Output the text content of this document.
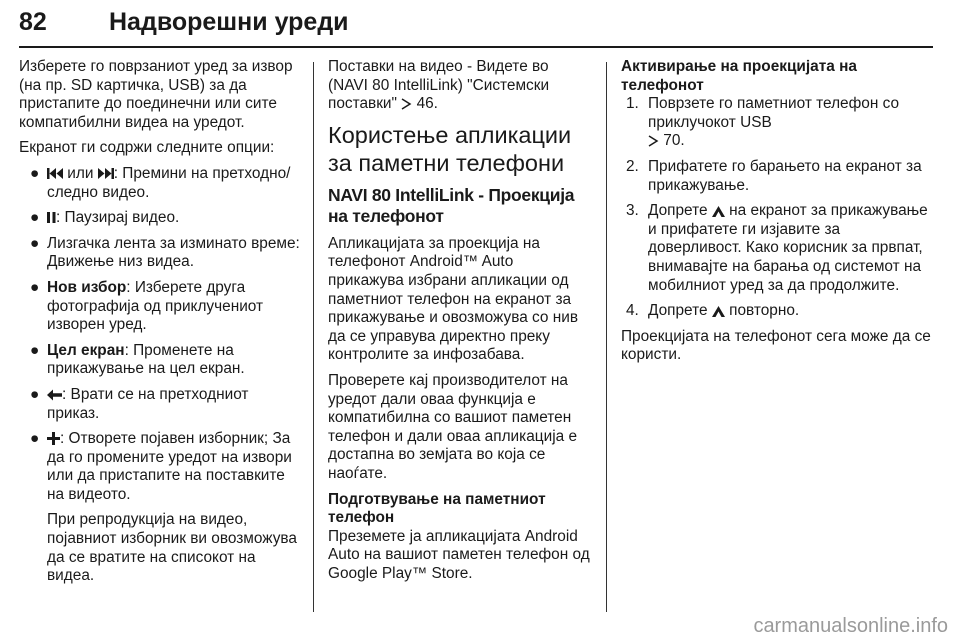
82 Надворешни уреди

Изберете го поврзаниот уред за извор (на пр. SD картичка, USB) за да пристапите до поединечни или сите компатибилни видеа на уредот.

Екранот ги содржи следните опции:

●	или : Премини на претходно/следно видео.
●	: Паузирај видео.
● Лизгачка лента за изминато време: Движење низ видеа.
● Нов избор: Изберете друга фотографија од приклучениот изворен уред.
● Цел екран: Променете на прикажување на цел екран.
●	: Врати се на претходниот приказ.
●	: Отворете појавен изборник; За да го промените уредот на извори или да пристапите на поставките на видеото.

При репродукција на видео, појавниот изборник ви овозможува да се вратите на списокот на видеа.

Поставки на видео - Видете во (NAVI 80 IntelliLink) "Системски поставки" 46.

Користење апликации за паметни телефони
NAVI 80 IntelliLink - Проекција на телефонот

Апликацијата за проекција на телефонот Android™ Auto прикажува избрани апликации од паметниот телефон на екранот за прикажување и овозможува со нив да се управува директно преку контролите за инфозабава.

Проверете кај производителот на уредот дали оваа функција е компатибилна со вашиот паметен телефон и дали оваа апликација е достапна во земјата во која се наоѓате.

Подготвување на паметниот телефон

Преземете ја апликацијата Android Auto на вашиот паметен телефон од Google Play™ Store.

Активирање на проекцијата на телефонот
1. Поврзете го паметниот телефон со приклучокот USB
70.
2. Прифатете го барањето на екранот за прикажување.
3. Допрете на екранот за прикажување и прифатете ги изјавите за доверливост. Како корисник за првпат, внимавајте на барања од системот на мобилниот уред за да продолжите.
4. Допрете повторно.

Проекцијата на телефонот сега може да се користи.

carmanualsonline.info
